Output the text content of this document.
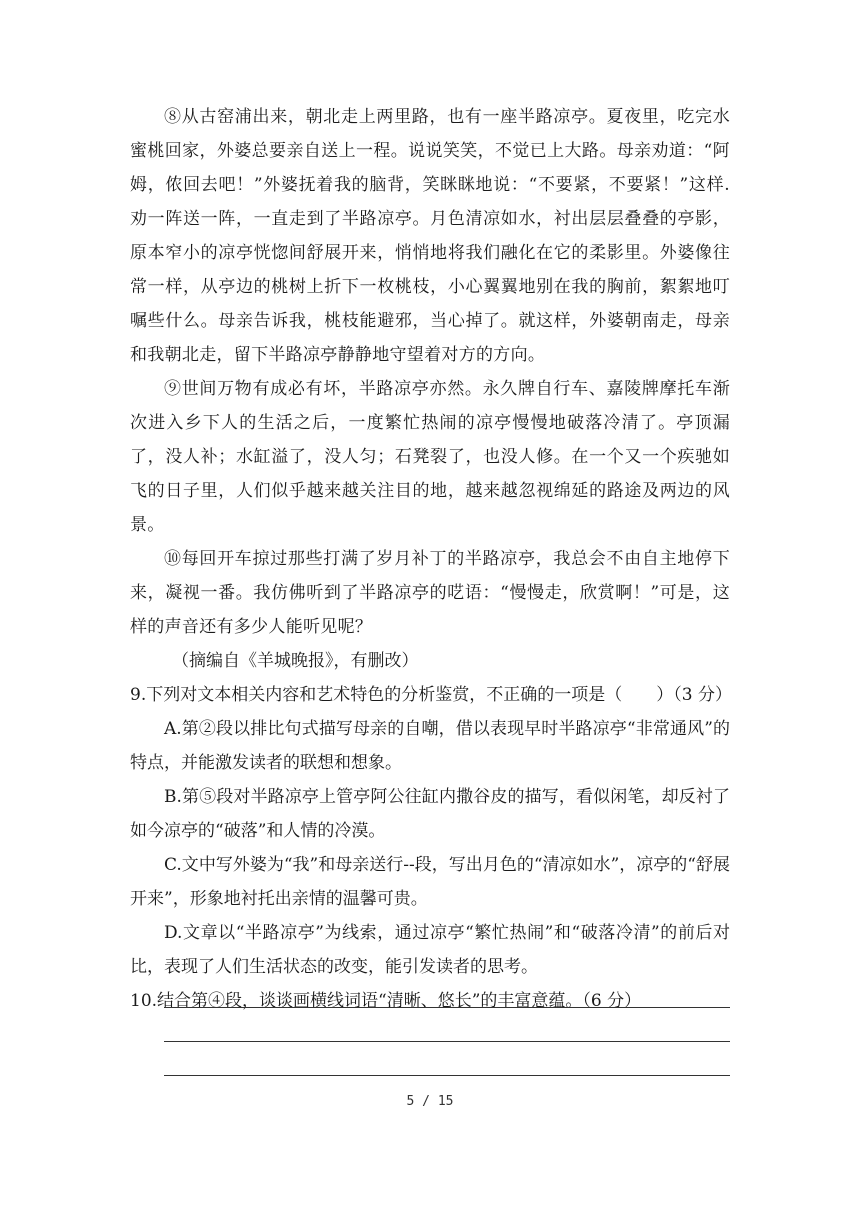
⑧从古窑浦出来，朝北走上两里路，也有一座半路凉亭。夏夜里，吃完水蜜桃回家，外婆总要亲自送上一程。说说笑笑，不觉已上大路。母亲劝道：“阿姆，侬回去吧！”外婆抚着我的脑背，笑眯眯地说：“不要紧，不要紧！”这样.劝一阵送一阵，一直走到了半路凉亭。月色清凉如水，衬出层层叠叠的亭影，原本窄小的凉亭恍惚间舒展开来，悄悄地将我们融化在它的柔影里。外婆像往常一样，从亭边的桃树上折下一枚桃枝，小心翼翼地别在我的胸前，絮絮地叮嘱些什么。母亲告诉我，桃枝能避邪，当心掉了。就这样，外婆朝南走，母亲和我朝北走，留下半路凉亭静静地守望着对方的方向。

⑨世间万物有成必有坏，半路凉亭亦然。永久牌自行车、嘉陵牌摩托车渐次进入乡下人的生活之后，一度繁忙热闹的凉亭慢慢地破落冷清了。亭顶漏了，没人补；水缸溢了，没人匀；石凳裂了，也没人修。在一个又一个疾驰如飞的日子里，人们似乎越来越关注目的地，越来越忽视绵延的路途及两边的风景。

⑩每回开车掠过那些打满了岁月补丁的半路凉亭，我总会不由自主地停下来，凝视一番。我仿佛听到了半路凉亭的呓语：“慢慢走，欣赏啊！”可是，这样的声音还有多少人能听见呢？

（摘编自《羊城晚报》，有删改）

9.下列对文本相关内容和艺术特色的分析鉴赏，不正确的一项是（　　）（3 分）

A.第②段以排比句式描写母亲的自嘲，借以表现早时半路凉亭“非常通风”的特点，并能激发读者的联想和想象。

B.第⑤段对半路凉亭上管亭阿公往缸内撒谷皮的描写，看似闲笔，却反衬了如今凉亭的“破落”和人情的冷漠。

C.文中写外婆为“我”和母亲送行--段，写出月色的“清凉如水”，凉亭的“舒展开来”，形象地衬托出亲情的温馨可贵。

D.文章以“半路凉亭”为线索，通过凉亭“繁忙热闹”和“破落冷清”的前后对比，表现了人们生活状态的改变，能引发读者的思考。

10.结合第④段，谈谈画横线词语“清晰、悠长”的丰富意蕴。（6 分）

5 / 15
